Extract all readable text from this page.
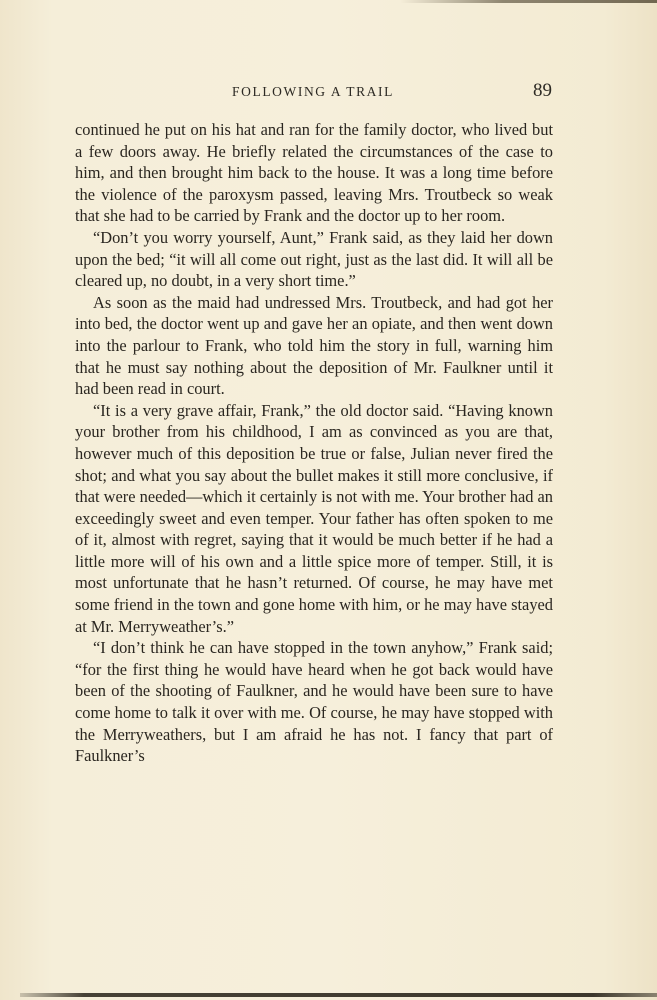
FOLLOWING A TRAIL	89

continued he put on his hat and ran for the family doctor, who lived but a few doors away. He briefly related the circumstances of the case to him, and then brought him back to the house. It was a long time before the violence of the paroxysm passed, leaving Mrs. Troutbeck so weak that she had to be carried by Frank and the doctor up to her room.

“Don’t you worry yourself, Aunt,” Frank said, as they laid her down upon the bed; “it will all come out right, just as the last did. It will all be cleared up, no doubt, in a very short time.”

As soon as the maid had undressed Mrs. Troutbeck, and had got her into bed, the doctor went up and gave her an opiate, and then went down into the parlour to Frank, who told him the story in full, warning him that he must say nothing about the deposition of Mr. Faulkner until it had been read in court.

“It is a very grave affair, Frank,” the old doctor said. “Having known your brother from his childhood, I am as convinced as you are that, however much of this deposition be true or false, Julian never fired the shot; and what you say about the bullet makes it still more conclusive, if that were needed—which it certainly is not with me. Your brother had an exceedingly sweet and even temper. Your father has often spoken to me of it, almost with regret, saying that it would be much better if he had a little more will of his own and a little spice more of temper. Still, it is most unfortunate that he hasn’t returned. Of course, he may have met some friend in the town and gone home with him, or he may have stayed at Mr. Merryweather’s.”

“I don’t think he can have stopped in the town anyhow,” Frank said; “for the first thing he would have heard when he got back would have been of the shooting of Faulkner, and he would have been sure to have come home to talk it over with me. Of course, he may have stopped with the Merryweathers, but I am afraid he has not. I fancy that part of Faulkner’s
